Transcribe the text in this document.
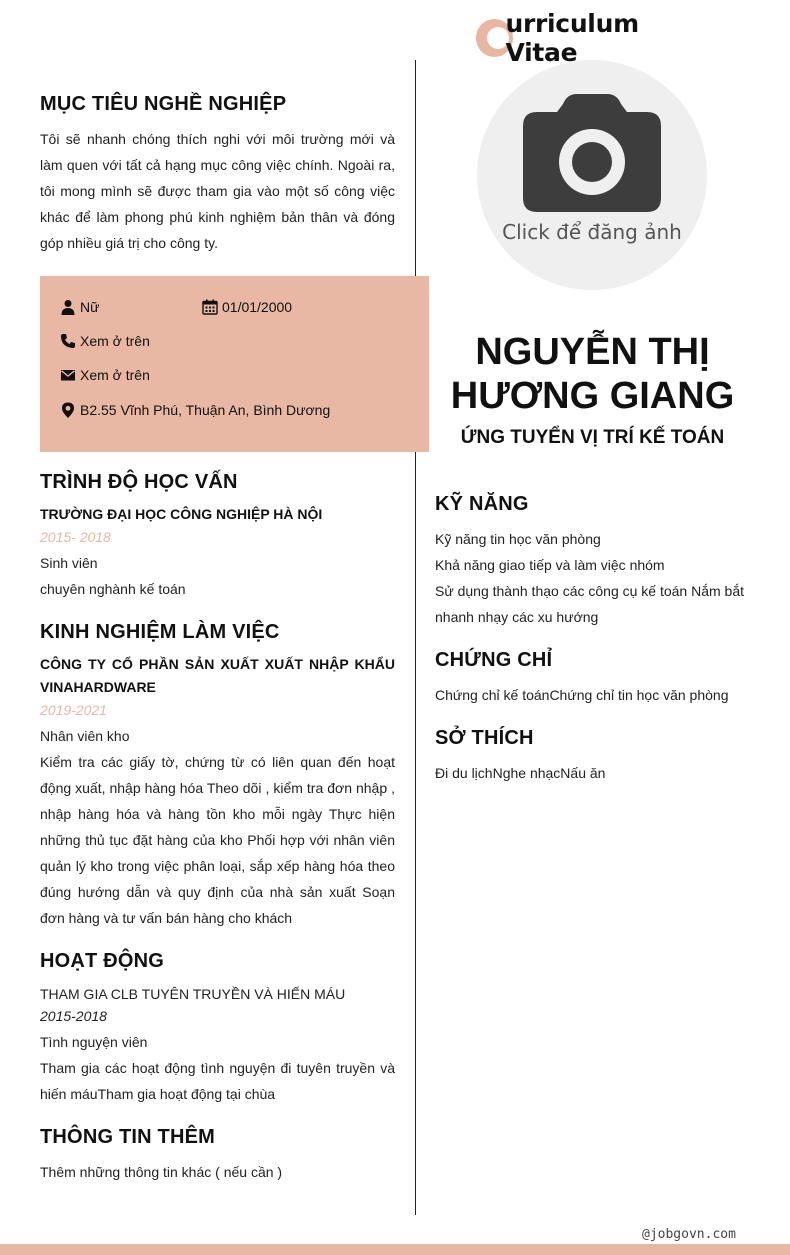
urriculum Vitae
Click để đăng ảnh
NGUYỄN THỊ
HƯƠNG GIANG
ỨNG TUYỂN VỊ TRÍ KẾ TOÁN
MỤC TIÊU NGHỀ NGHIỆP
Tôi sẽ nhanh chóng thích nghi với môi trường mới và làm quen với tất cả hạng mục công việc chính. Ngoài ra, tôi mong mình sẽ được tham gia vào một số công việc khác để làm phong phú kinh nghiệm bản thân và đóng góp nhiều giá trị cho công ty.
Nữ	01/01/2000
Xem ở trên
Xem ở trên
B2.55 Vĩnh Phú, Thuận An, Bình Dương
TRÌNH ĐỘ HỌC VẤN
TRƯỜNG ĐẠI HỌC CÔNG NGHIỆP HÀ NỘI
2015- 2018
Sinh viên
chuyên nghành kế toán
KINH NGHIỆM LÀM VIỆC
CÔNG TY CỔ PHẦN SẢN XUẤT XUẤT NHẬP KHẨU
VINAHARDWARE
2019-2021
Nhân viên kho
Kiểm tra các giấy tờ, chứng từ có liên quan đến hoạt động xuất, nhập hàng hóa Theo dõi , kiểm tra đơn nhập , nhập hàng hóa và hàng tồn kho mỗi ngày Thực hiện những thủ tục đặt hàng của kho Phối hợp với nhân viên quản lý kho trong việc phân loại, sắp xếp hàng hóa theo đúng hướng dẫn và quy định của nhà sản xuất Soạn đơn hàng và tư vấn bán hàng cho khách
HOẠT ĐỘNG
THAM GIA CLB TUYÊN TRUYỀN VÀ HIẾN MÁU
2015-2018
Tình nguyện viên
Tham gia các hoạt động tình nguyện đi tuyên truyền và hiến máuTham gia hoạt động tại chùa
THÔNG TIN THÊM
Thêm những thông tin khác ( nếu cần )
KỸ NĂNG
Kỹ năng tin học văn phòng
Khả năng giao tiếp và làm việc nhóm
Sử dụng thành thạo các công cụ kế toán Nắm bắt nhanh nhạy các xu hướng
CHỨNG CHỈ
Chứng chỉ kế toánChứng chỉ tin học văn phòng
SỞ THÍCH
Đi du lịchNghe nhạcNấu ăn
@jobgovn.com
